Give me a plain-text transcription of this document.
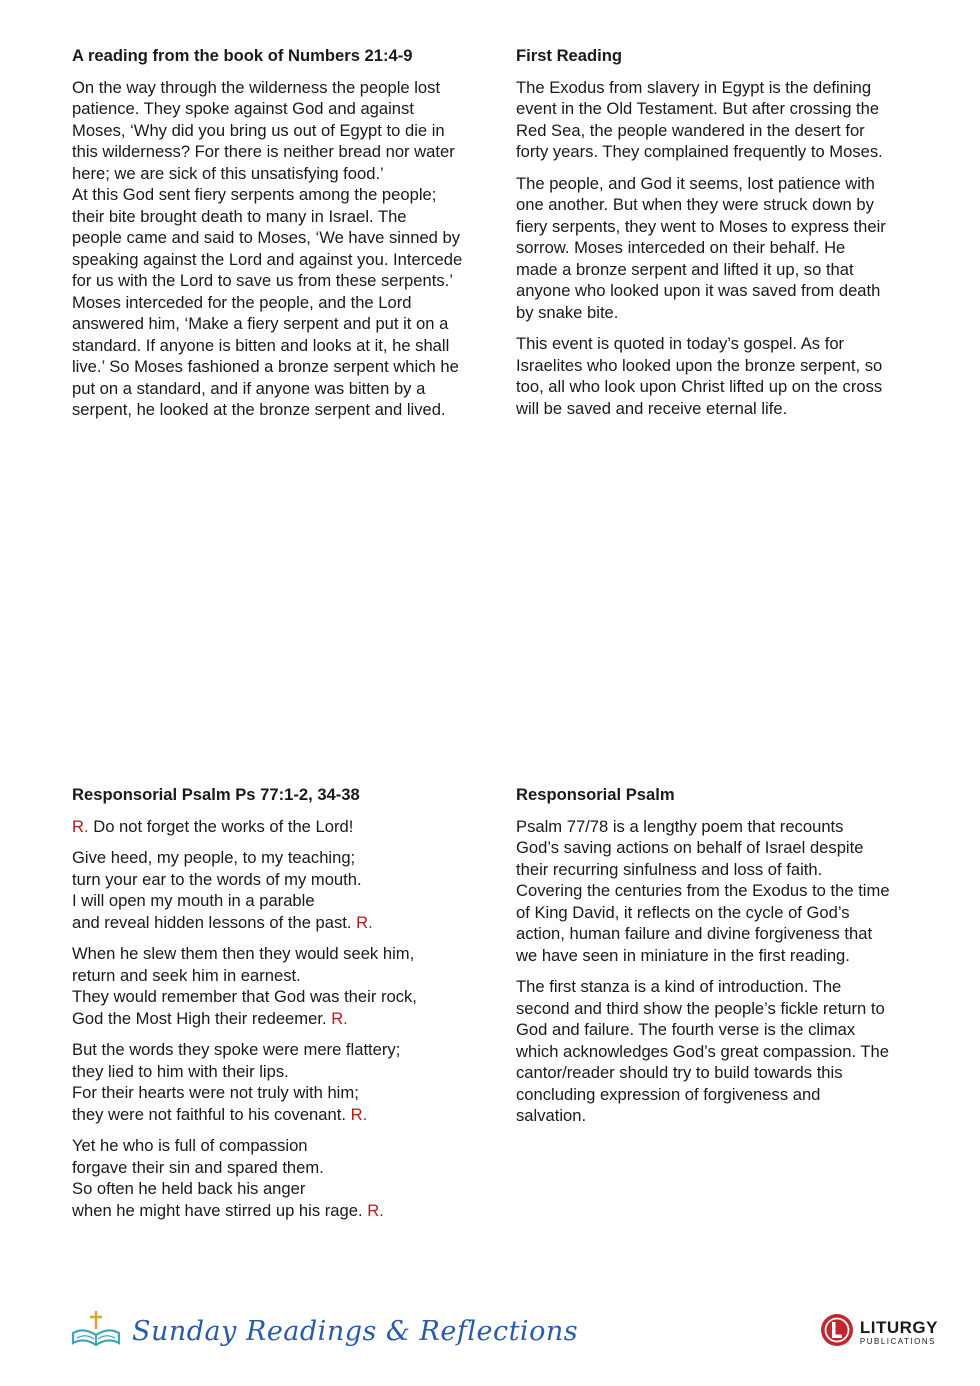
A reading from the book of Numbers 21:4-9
On the way through the wilderness the people lost
patience. They spoke against God and against
Moses, ‘Why did you bring us out of Egypt to die in
this wilderness? For there is neither bread nor water
here; we are sick of this unsatisfying food.’
At this God sent fiery serpents among the people;
their bite brought death to many in Israel. The
people came and said to Moses, ‘We have sinned by
speaking against the Lord and against you. Intercede
for us with the Lord to save us from these serpents.’
Moses interceded for the people, and the Lord
answered him, ‘Make a fiery serpent and put it on a
standard. If anyone is bitten and looks at it, he shall
live.’ So Moses fashioned a bronze serpent which he
put on a standard, and if anyone was bitten by a
serpent, he looked at the bronze serpent and lived.
First Reading
The Exodus from slavery in Egypt is the defining
event in the Old Testament. But after crossing the
Red Sea, the people wandered in the desert for
forty years. They complained frequently to Moses.
The people, and God it seems, lost patience with
one another. But when they were struck down by
fiery serpents, they went to Moses to express their
sorrow. Moses interceded on their behalf. He
made a bronze serpent and lifted it up, so that
anyone who looked upon it was saved from death
by snake bite.
This event is quoted in today’s gospel. As for
Israelites who looked upon the bronze serpent, so
too, all who look upon Christ lifted up on the cross
will be saved and receive eternal life.
Responsorial Psalm Ps 77:1-2, 34-38
R. Do not forget the works of the Lord!
Give heed, my people, to my teaching;
turn your ear to the words of my mouth.
I will open my mouth in a parable
and reveal hidden lessons of the past. R.
When he slew them then they would seek him,
return and seek him in earnest.
They would remember that God was their rock,
God the Most High their redeemer. R.
But the words they spoke were mere flattery;
they lied to him with their lips.
For their hearts were not truly with him;
they were not faithful to his covenant. R.
Yet he who is full of compassion
forgave their sin and spared them.
So often he held back his anger
when he might have stirred up his rage. R.
Responsorial Psalm
Psalm 77/78 is a lengthy poem that recounts
God’s saving actions on behalf of Israel despite
their recurring sinfulness and loss of faith.
Covering the centuries from the Exodus to the time
of King David, it reflects on the cycle of God’s
action, human failure and divine forgiveness that
we have seen in miniature in the first reading.
The first stanza is a kind of introduction. The
second and third show the people’s fickle return to
God and failure. The fourth verse is the climax
which acknowledges God’s great compassion. The
cantor/reader should try to build towards this
concluding expression of forgiveness and
salvation.
Sunday Readings & Reflections	LITURGY
PUBLICATIONS
